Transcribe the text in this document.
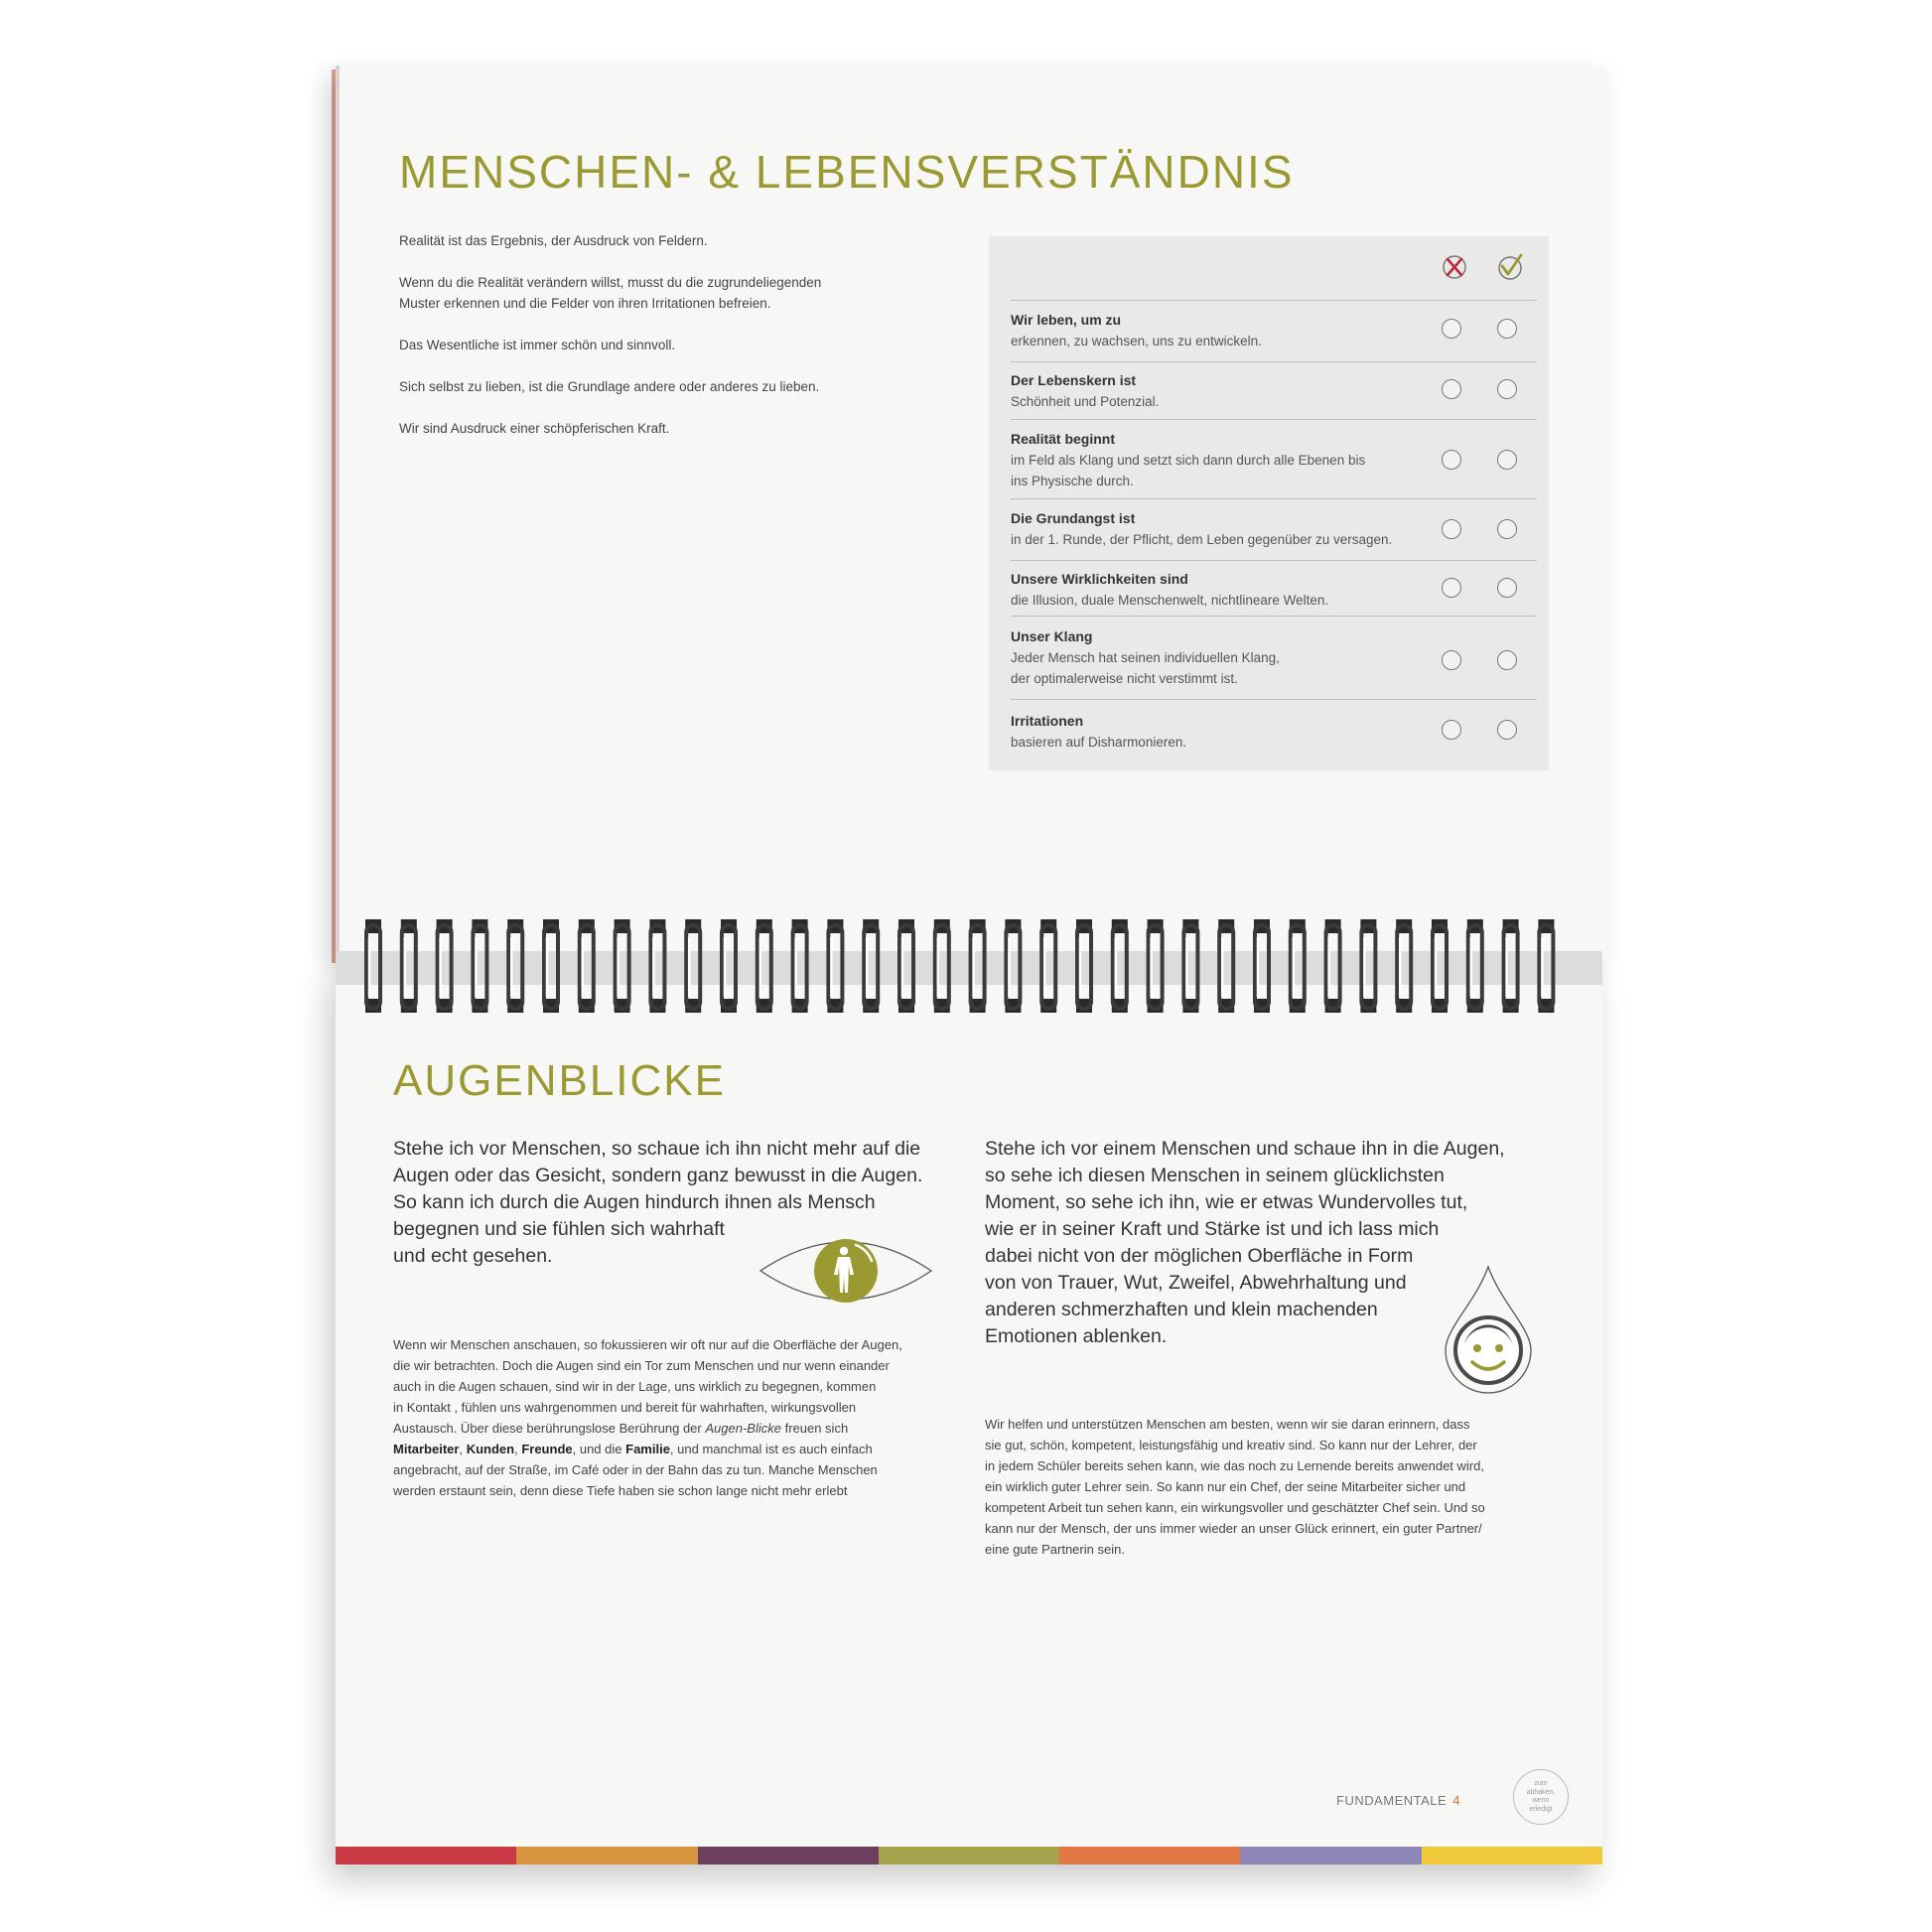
MENSCHEN- & LEBENSVERSTÄNDNIS

Realität ist das Ergebnis, der Ausdruck von Feldern.

Wenn du die Realität verändern willst, musst du die zugrundeliegenden
Muster erkennen und die Felder von ihren Irritationen befreien.

Das Wesentliche ist immer schön und sinnvoll.

Sich selbst zu lieben, ist die Grundlage andere oder anderes zu lieben.

Wir sind Ausdruck einer schöpferischen Kraft.

Wir leben, um zu
erkennen, zu wachsen, uns zu entwickeln.
Der Lebenskern ist
Schönheit und Potenzial.
Realität beginnt
im Feld als Klang und setzt sich dann durch alle Ebenen bis
ins Physische durch.
Die Grundangst ist
in der 1. Runde, der Pflicht, dem Leben gegenüber zu versagen.
Unsere Wirklichkeiten sind
die Illusion, duale Menschenwelt, nichtlineare Welten.
Unser Klang
Jeder Mensch hat seinen individuellen Klang,
der optimalerweise nicht verstimmt ist.
Irritationen
basieren auf Disharmonieren.
AUGENBLICKE
Stehe ich vor Menschen, so schaue ich ihn nicht mehr auf die
Augen oder das Gesicht, sondern ganz bewusst in die Augen.
So kann ich durch die Augen hindurch ihnen als Mensch
begegnen und sie fühlen sich wahrhaft
und echt gesehen.
Wenn wir Menschen anschauen, so fokussieren wir oft nur auf die Oberfläche der Augen,
die wir betrachten. Doch die Augen sind ein Tor zum Menschen und nur wenn einander
auch in die Augen schauen, sind wir in der Lage, uns wirklich zu begegnen, kommen
in Kontakt , fühlen uns wahrgenommen und bereit für wahrhaften, wirkungsvollen
Austausch. Über diese berührungslose Berührung der Augen-Blicke freuen sich
Mitarbeiter, Kunden, Freunde, und die Familie, und manchmal ist es auch einfach
angebracht, auf der Straße, im Café oder in der Bahn das zu tun. Manche Menschen
werden erstaunt sein, denn diese Tiefe haben sie schon lange nicht mehr erlebt
Stehe ich vor einem Menschen und schaue ihn in die Augen,
so sehe ich diesen Menschen in seinem glücklichsten
Moment, so sehe ich ihn, wie er etwas Wundervolles tut,
wie er in seiner Kraft und Stärke ist und ich lass mich
dabei nicht von der möglichen Oberfläche in Form
von von Trauer, Wut, Zweifel, Abwehrhaltung und
anderen schmerzhaften und klein machenden
Emotionen ablenken.
Wir helfen und unterstützen Menschen am besten, wenn wir sie daran erinnern, dass
sie gut, schön, kompetent, leistungsfähig und kreativ sind. So kann nur der Lehrer, der
in jedem Schüler bereits sehen kann, wie das noch zu Lernende bereits anwendet wird,
ein wirklich guter Lehrer sein. So kann nur ein Chef, der seine Mitarbeiter sicher und
kompetent Arbeit tun sehen kann, ein wirkungsvoller und geschätzter Chef sein. Und so
kann nur der Mensch, der uns immer wieder an unser Glück erinnert, ein guter Partner/
eine gute Partnerin sein.
FUNDAMENTALE 4
zum
abhaken,
wenn
erledigt
